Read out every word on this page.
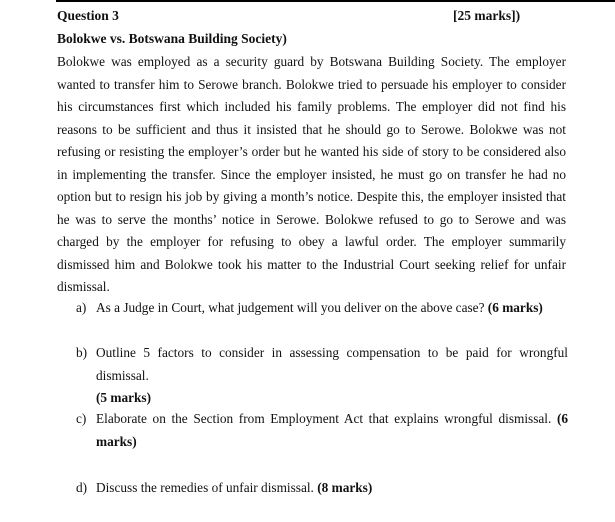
Question 3	[25 marks])
Bolokwe vs. Botswana Building Society)

Bolokwe was employed as a security guard by Botswana Building Society. The employer wanted to transfer him to Serowe branch. Bolokwe tried to persuade his employer to consider his circumstances first which included his family problems. The employer did not find his reasons to be sufficient and thus it insisted that he should go to Serowe. Bolokwe was not refusing or resisting the employer’s order but he wanted his side of story to be considered also in implementing the transfer. Since the employer insisted, he must go on transfer he had no option but to resign his job by giving a month’s notice. Despite this, the employer insisted that he was to serve the months’ notice in Serowe. Bolokwe refused to go to Serowe and was charged by the employer for refusing to obey a lawful order. The employer summarily dismissed him and Bolokwe took his matter to the Industrial Court seeking relief for unfair dismissal.

a) As a Judge in Court, what judgement will you deliver on the above case? (6 marks)
b) Outline 5 factors to consider in assessing compensation to be paid for wrongful dismissal.
(5 marks)
c) Elaborate on the Section from Employment Act that explains wrongful dismissal. (6 marks)
d) Discuss the remedies of unfair dismissal. (8 marks)
